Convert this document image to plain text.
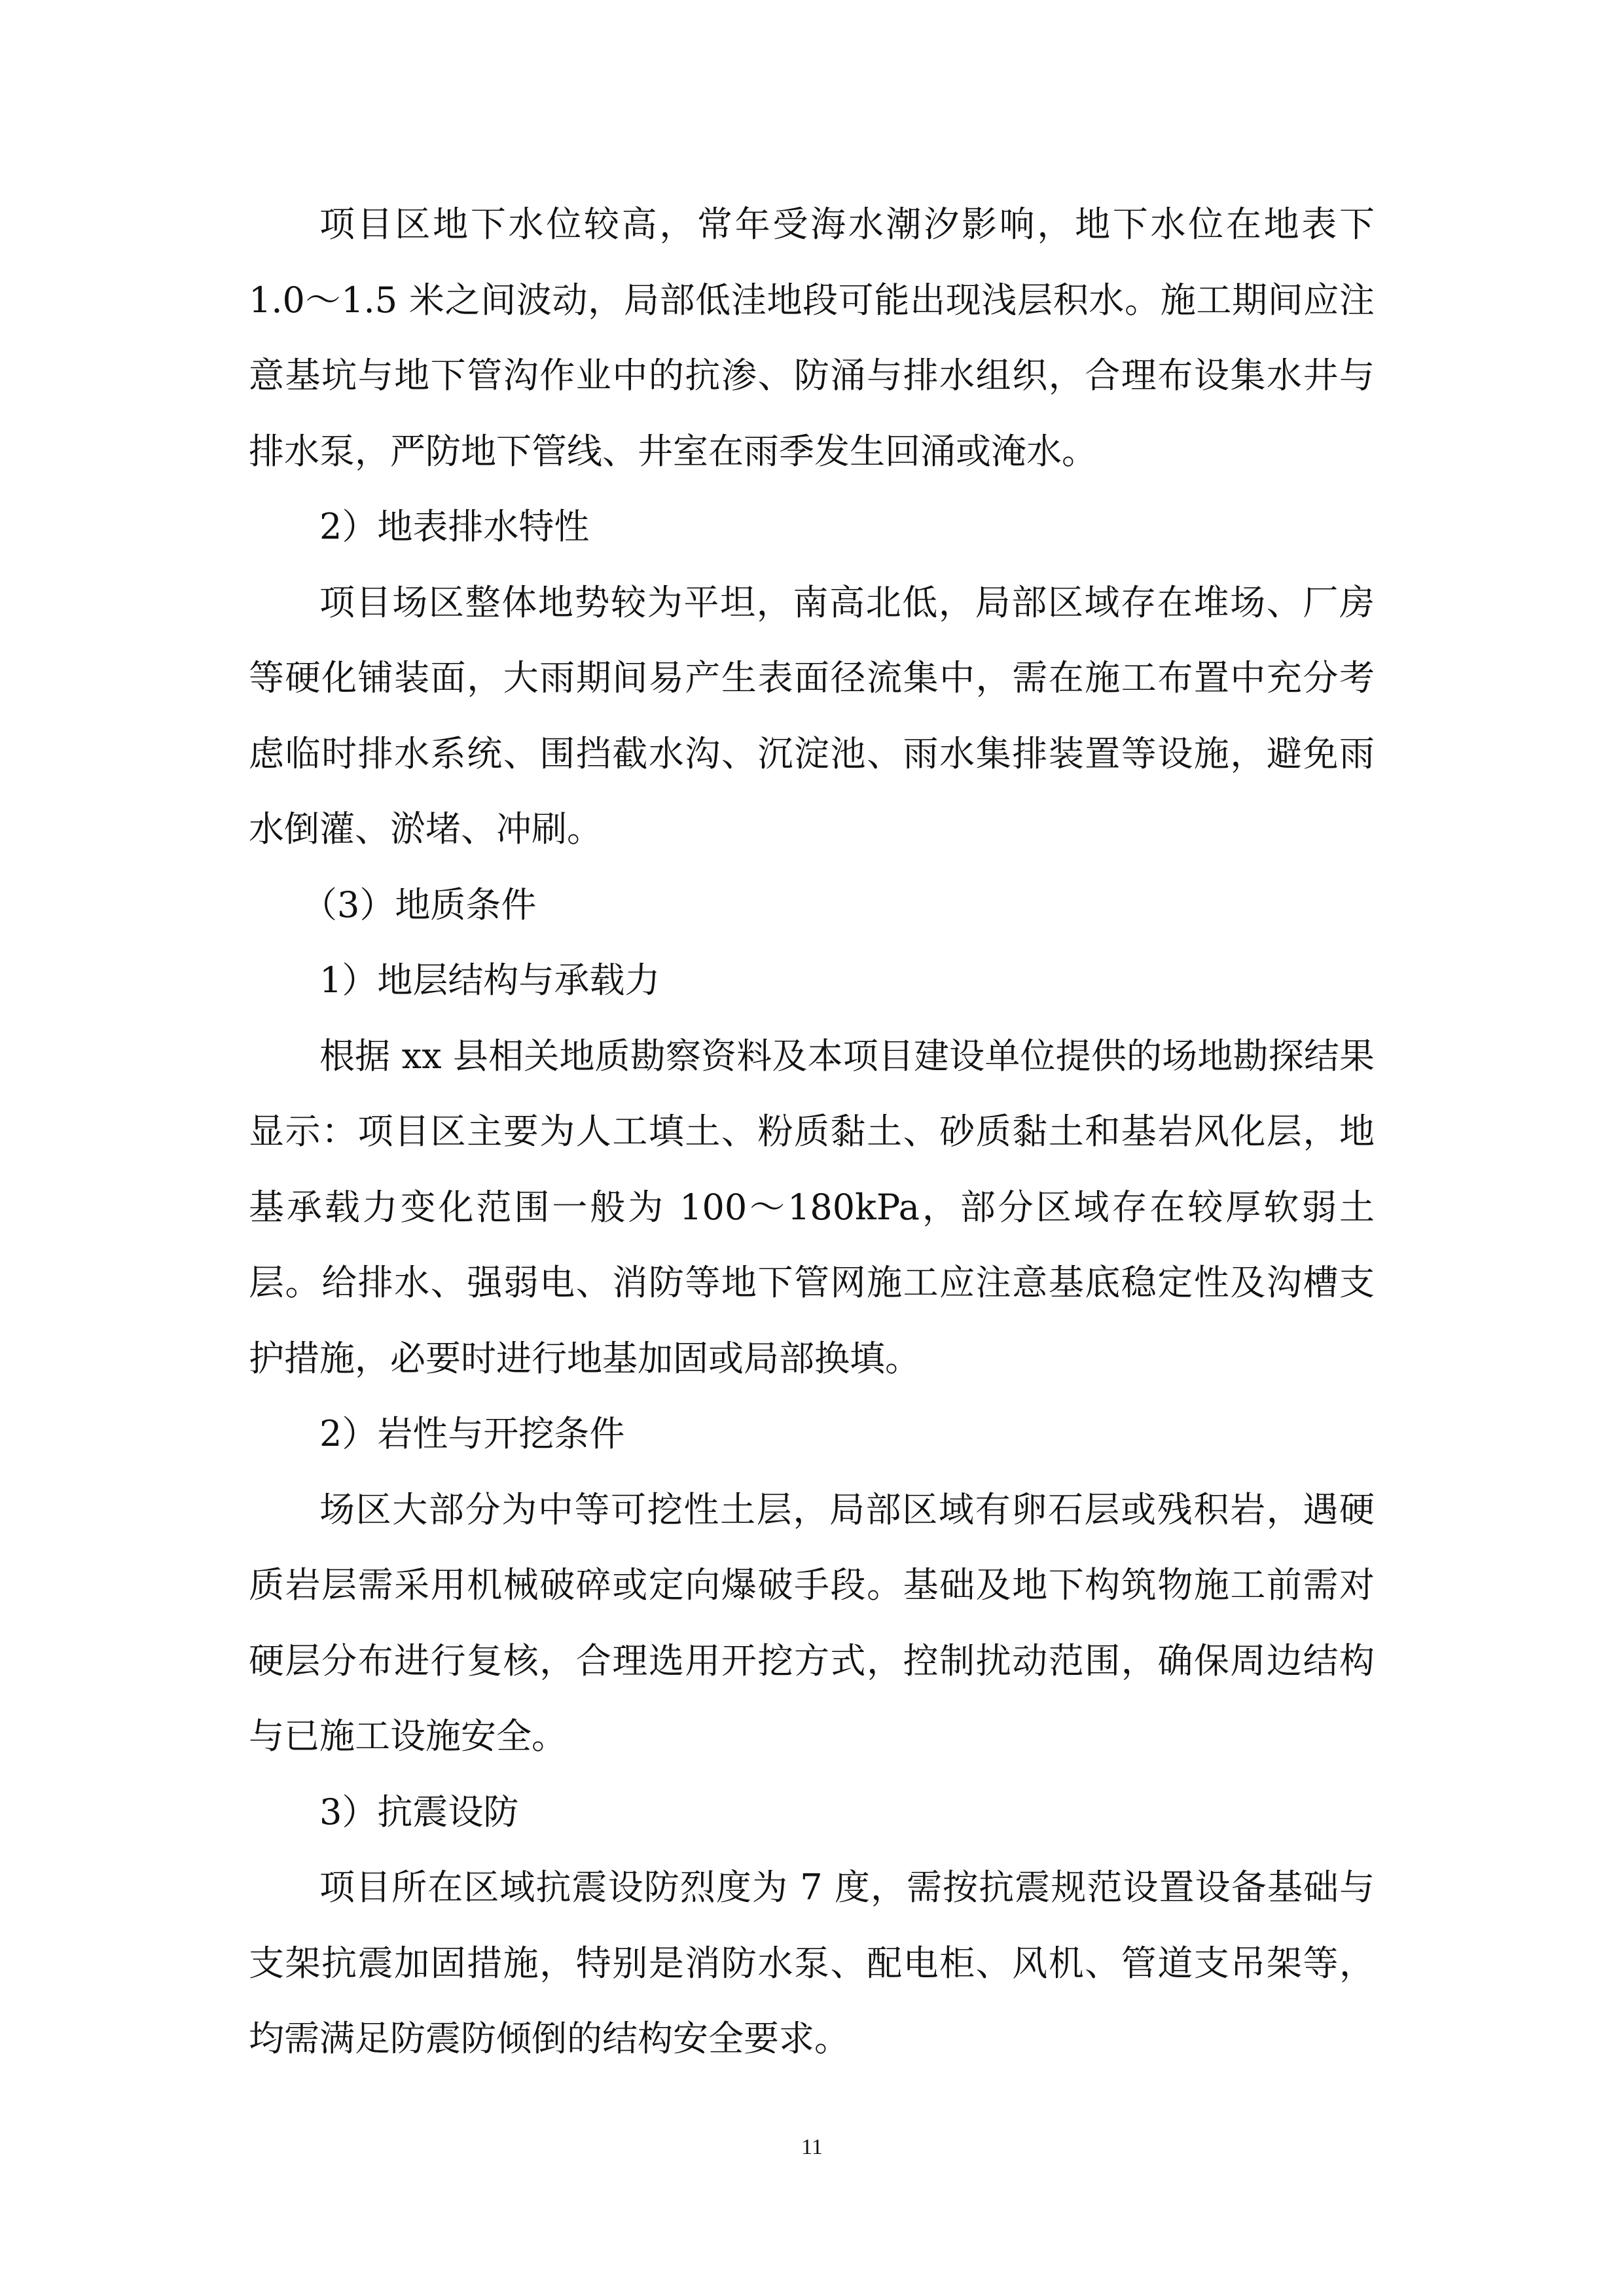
项目区地下水位较高，常年受海水潮汐影响，地下水位在地表下 1.0～1.5 米之间波动，局部低洼地段可能出现浅层积水。施工期间应注意基坑与地下管沟作业中的抗渗、防涌与排水组织，合理布设集水井与排水泵，严防地下管线、井室在雨季发生回涌或淹水。

2）地表排水特性

项目场区整体地势较为平坦，南高北低，局部区域存在堆场、厂房等硬化铺装面，大雨期间易产生表面径流集中，需在施工布置中充分考虑临时排水系统、围挡截水沟、沉淀池、雨水集排装置等设施，避免雨水倒灌、淤堵、冲刷。

（3）地质条件

1）地层结构与承载力

根据 xx 县相关地质勘察资料及本项目建设单位提供的场地勘探结果显示：项目区主要为人工填土、粉质黏土、砂质黏土和基岩风化层，地基承载力变化范围一般为 100～180kPa，部分区域存在较厚软弱土层。给排水、强弱电、消防等地下管网施工应注意基底稳定性及沟槽支护措施，必要时进行地基加固或局部换填。

2）岩性与开挖条件

场区大部分为中等可挖性土层，局部区域有卵石层或残积岩，遇硬质岩层需采用机械破碎或定向爆破手段。基础及地下构筑物施工前需对硬层分布进行复核，合理选用开挖方式，控制扰动范围，确保周边结构与已施工设施安全。

3）抗震设防

项目所在区域抗震设防烈度为 7 度，需按抗震规范设置设备基础与支架抗震加固措施，特别是消防水泵、配电柜、风机、管道支吊架等，均需满足防震防倾倒的结构安全要求。

11
